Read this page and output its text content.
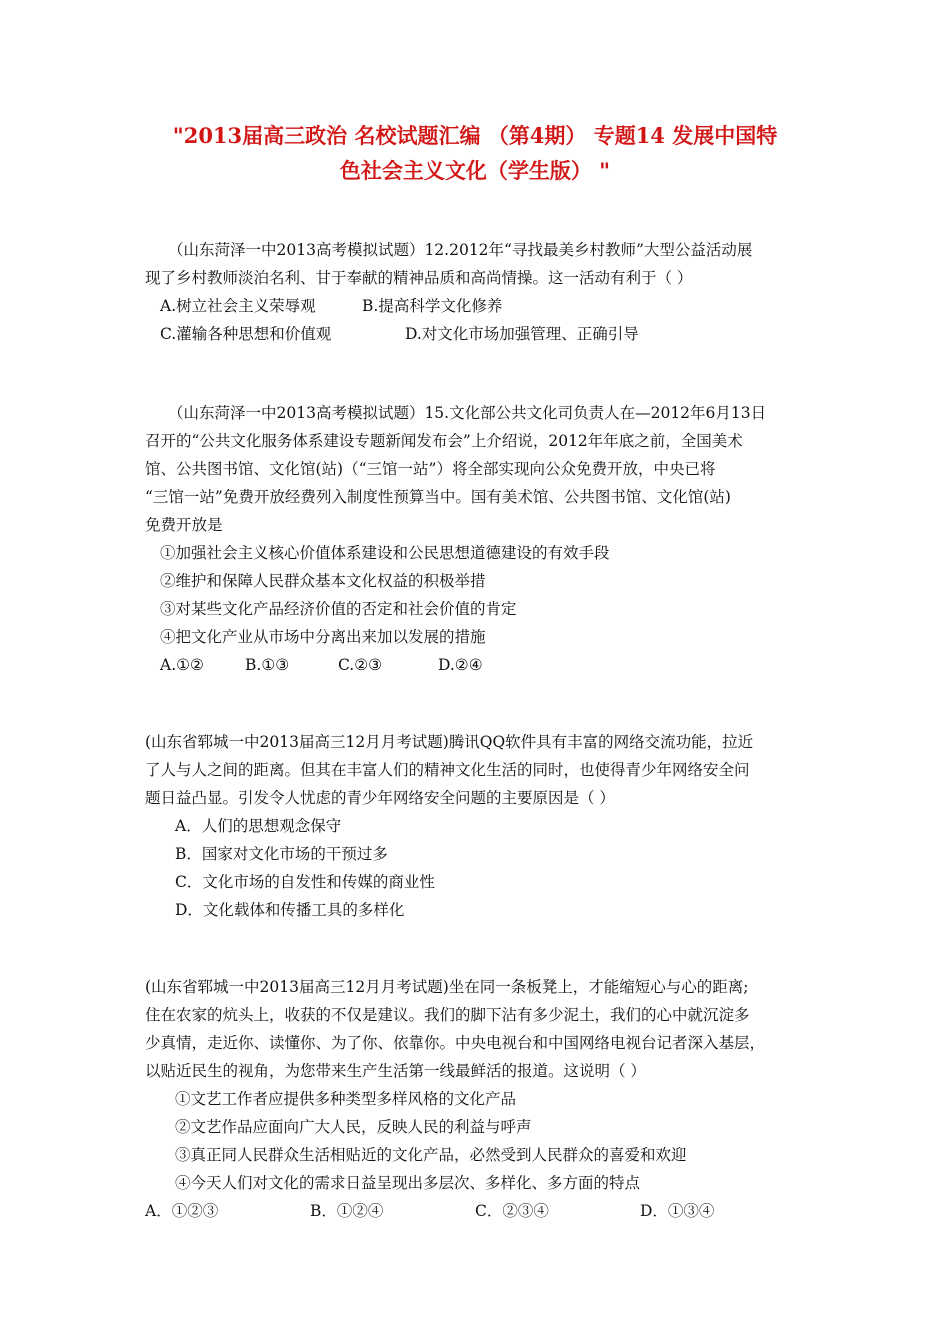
"2013届高三政治 名校试题汇编 （第4期） 专题14 发展中国特
色社会主义文化（学生版） "
（山东菏泽一中2013高考模拟试题）12.2012年“寻找最美乡村教师”大型公益活动展
现了乡村教师淡泊名利、甘于奉献的精神品质和高尚情操。这一活动有利于（ ）
A.树立社会主义荣辱观	B.提高科学文化修养
C.灌输各种思想和价值观	D.对文化市场加强管理、正确引导
（山东菏泽一中2013高考模拟试题）15.文化部公共文化司负责人在—2012年6月13日
召开的“公共文化服务体系建设专题新闻发布会”上介绍说，2012年年底之前，全国美术
馆、公共图书馆、文化馆(站)（“三馆一站”）将全部实现向公众免费开放，中央已将
“三馆一站”免费开放经费列入制度性预算当中。国有美术馆、公共图书馆、文化馆(站)
免费开放是
①加强社会主义核心价值体系建设和公民思想道德建设的有效手段
②维护和保障人民群众基本文化权益的积极举措
③对某些文化产品经济价值的否定和社会价值的肯定
④把文化产业从市场中分离出来加以发展的措施
A.①②	B.①③	C.②③	D.②④
(山东省郓城一中2013届高三12月月考试题)腾讯QQ软件具有丰富的网络交流功能，拉近
了人与人之间的距离。但其在丰富人们的精神文化生活的同时，也使得青少年网络安全问
题日益凸显。引发令人忧虑的青少年网络安全问题的主要原因是（ ）
A．人们的思想观念保守
B．国家对文化市场的干预过多
C．文化市场的自发性和传媒的商业性
D．文化载体和传播工具的多样化
(山东省郓城一中2013届高三12月月考试题)坐在同一条板凳上，才能缩短心与心的距离;
住在农家的炕头上，收获的不仅是建议。我们的脚下沾有多少泥土，我们的心中就沉淀多
少真情，走近你、读懂你、为了你、依靠你。中央电视台和中国网络电视台记者深入基层，
以贴近民生的视角，为您带来生产生活第一线最鲜活的报道。这说明（ ）
①文艺工作者应提供多种类型多样风格的文化产品
②文艺作品应面向广大人民，反映人民的利益与呼声
③真正同人民群众生活相贴近的文化产品，必然受到人民群众的喜爱和欢迎
④今天人们对文化的需求日益呈现出多层次、多样化、多方面的特点
A．①②③	B．①②④	C．②③④	D．①③④
